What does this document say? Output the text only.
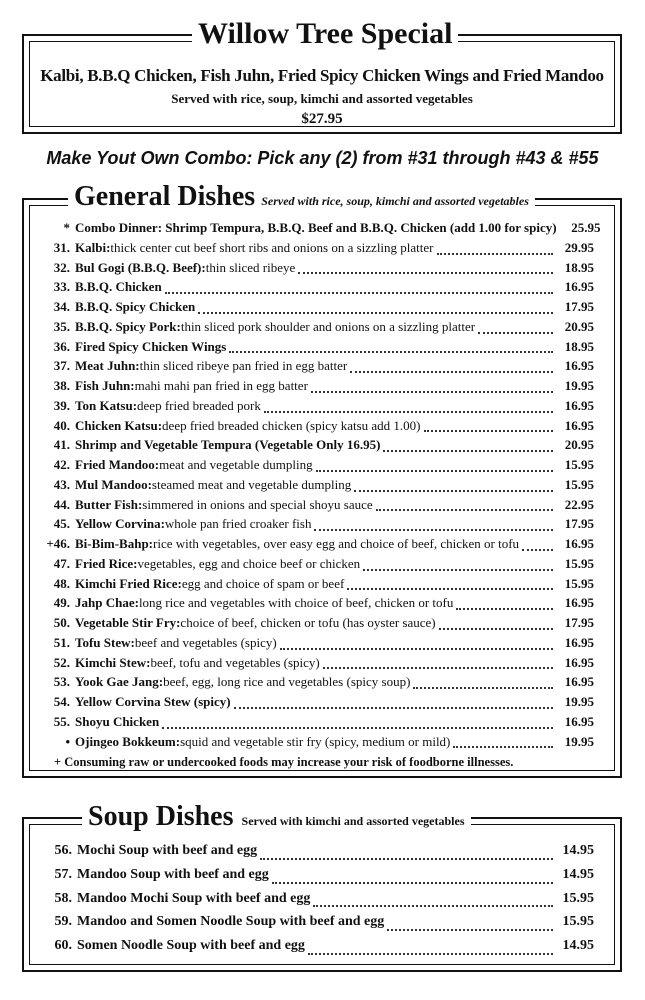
Willow Tree Special
Kalbi, B.B.Q Chicken, Fish Juhn, Fried Spicy Chicken Wings and Fried Mandoo
Served with rice, soup, kimchi and assorted vegetables
$27.95
Make Yout Own Combo: Pick any (2) from #31 through #43 & #55
General Dishes Served with rice, soup, kimchi and assorted vegetables
* Combo Dinner: Shrimp Tempura, B.B.Q. Beef and B.B.Q. Chicken (add 1.00 for spicy)	25.95
31. Kalbi: thick center cut beef short ribs and onions on a sizzling platter	29.95
32. Bul Gogi (B.B.Q. Beef): thin sliced ribeye	18.95
33. B.B.Q. Chicken	16.95
34. B.B.Q. Spicy Chicken	17.95
35. B.B.Q. Spicy Pork: thin sliced pork shoulder and onions on a sizzling platter	20.95
36. Fired Spicy Chicken Wings	18.95
37. Meat Juhn: thin sliced ribeye pan fried in egg batter	16.95
38. Fish Juhn: mahi mahi pan fried in egg batter	19.95
39. Ton Katsu: deep fried breaded pork	16.95
40. Chicken Katsu: deep fried breaded chicken (spicy katsu add 1.00)	16.95
41. Shrimp and Vegetable Tempura (Vegetable Only 16.95)	20.95
42. Fried Mandoo: meat and vegetable dumpling	15.95
43. Mul Mandoo: steamed meat and vegetable dumpling	15.95
44. Butter Fish: simmered in onions and special shoyu sauce	22.95
45. Yellow Corvina: whole pan fried croaker fish	17.95
+46. Bi-Bim-Bahp: rice with vegetables, over easy egg and choice of beef, chicken or tofu	16.95
47. Fried Rice: vegetables, egg and choice beef or chicken	15.95
48. Kimchi Fried Rice: egg and choice of spam or beef	15.95
49. Jahp Chae: long rice and vegetables with choice of beef, chicken or tofu	16.95
50. Vegetable Stir Fry: choice of beef, chicken or tofu (has oyster sauce)	17.95
51. Tofu Stew: beef and vegetables (spicy)	16.95
52. Kimchi Stew: beef, tofu and vegetables (spicy)	16.95
53. Yook Gae Jang: beef, egg, long rice and vegetables (spicy soup)	16.95
54. Yellow Corvina Stew (spicy)	19.95
55. Shoyu Chicken	16.95
• Ojingeo Bokkeum: squid and vegetable stir fry (spicy, medium or mild)	19.95
+ Consuming raw or undercooked foods may increase your risk of foodborne illnesses.
Soup Dishes Served with kimchi and assorted vegetables
56. Mochi Soup with beef and egg	14.95
57. Mandoo Soup with beef and egg	14.95
58. Mandoo Mochi Soup with beef and egg	15.95
59. Mandoo and Somen Noodle Soup with beef and egg	15.95
60. Somen Noodle Soup with beef and egg	14.95
